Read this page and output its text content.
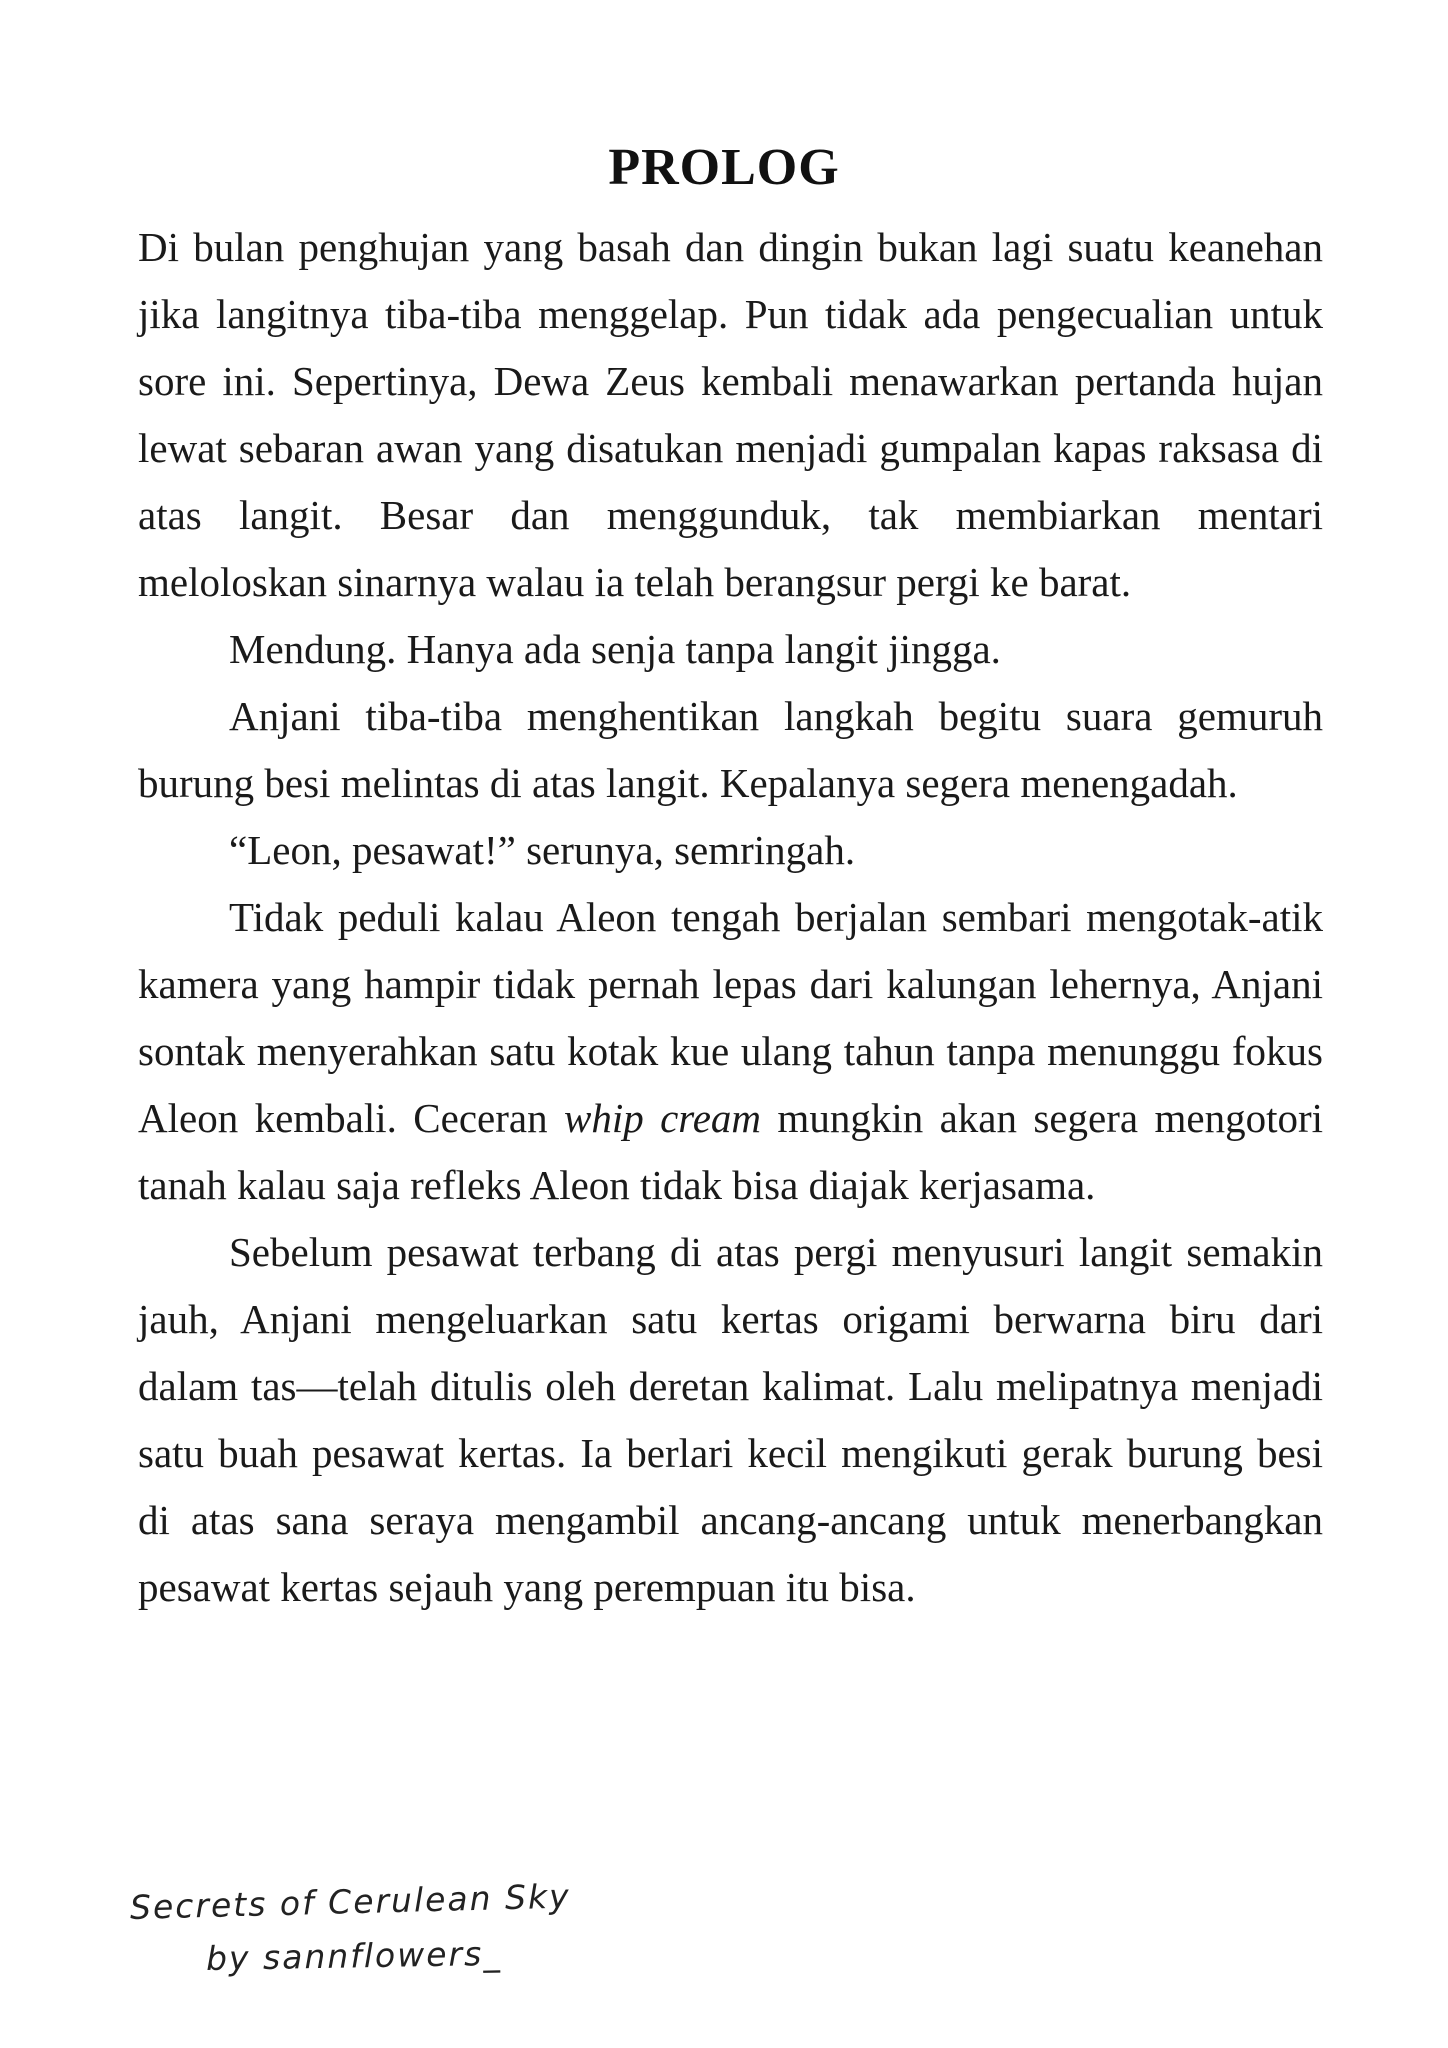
PROLOG

Di bulan penghujan yang basah dan dingin bukan lagi suatu keanehan jika langitnya tiba-tiba menggelap. Pun tidak ada pengecualian untuk sore ini. Sepertinya, Dewa Zeus kembali menawarkan pertanda hujan lewat sebaran awan yang disatukan menjadi gumpalan kapas raksasa di atas langit. Besar dan menggunduk, tak membiarkan mentari meloloskan sinarnya walau ia telah berangsur pergi ke barat.

Mendung. Hanya ada senja tanpa langit jingga.

Anjani tiba-tiba menghentikan langkah begitu suara gemuruh burung besi melintas di atas langit. Kepalanya segera menengadah.

“Leon, pesawat!” serunya, semringah.

Tidak peduli kalau Aleon tengah berjalan sembari mengotak-atik kamera yang hampir tidak pernah lepas dari kalungan lehernya, Anjani sontak menyerahkan satu kotak kue ulang tahun tanpa menunggu fokus Aleon kembali. Ceceran whip cream mungkin akan segera mengotori tanah kalau saja refleks Aleon tidak bisa diajak kerjasama.

Sebelum pesawat terbang di atas pergi menyusuri langit semakin jauh, Anjani mengeluarkan satu kertas origami berwarna biru dari dalam tas—telah ditulis oleh deretan kalimat. Lalu melipatnya menjadi satu buah pesawat kertas. Ia berlari kecil mengikuti gerak burung besi di atas sana seraya mengambil ancang-ancang untuk menerbangkan pesawat kertas sejauh yang perempuan itu bisa.

Secrets of Cerulean Sky
by sannflowers_
